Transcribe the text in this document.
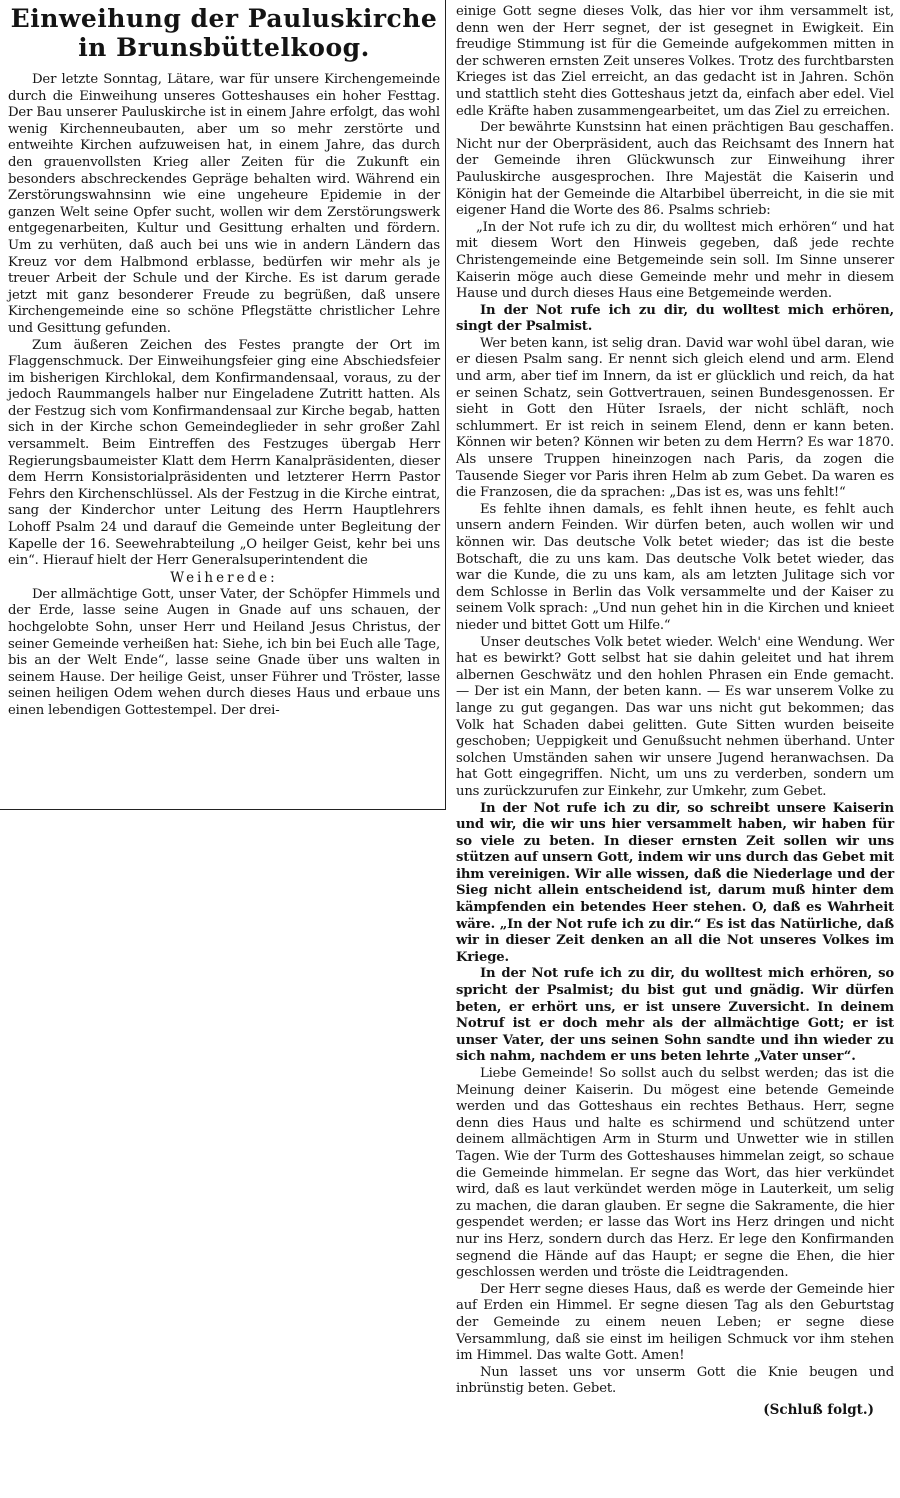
Einweihung der Pauluskirche
in Brunsbüttelkoog.

Der letzte Sonntag, Lätare, war für unsere Kirchengemeinde durch die Einweihung unseres Gotteshauses ein hoher Festtag. Der Bau unserer Pauluskirche ist in einem Jahre erfolgt, das wohl wenig Kirchenneubauten, aber um so mehr zerstörte und entweihte Kirchen aufzuweisen hat, in einem Jahre, das durch den grauenvollsten Krieg aller Zeiten für die Zukunft ein besonders abschreckendes Gepräge behalten wird. Während ein Zerstörungswahnsinn wie eine ungeheure Epidemie in der ganzen Welt seine Opfer sucht, wollen wir dem Zerstörungswerk entgegenarbeiten, Kultur und Gesittung erhalten und fördern. Um zu verhüten, daß auch bei uns wie in andern Ländern das Kreuz vor dem Halbmond erblasse, bedürfen wir mehr als je treuer Arbeit der Schule und der Kirche. Es ist darum gerade jetzt mit ganz besonderer Freude zu begrüßen, daß unsere Kirchengemeinde eine so schöne Pflegstätte christlicher Lehre und Gesittung gefunden.

Zum äußeren Zeichen des Festes prangte der Ort im Flaggenschmuck. Der Einweihungsfeier ging eine Abschiedsfeier im bisherigen Kirchlokal, dem Konfirmandensaal, voraus, zu der jedoch Raummangels halber nur Eingeladene Zutritt hatten. Als der Festzug sich vom Konfirmandensaal zur Kirche begab, hatten sich in der Kirche schon Gemeindeglieder in sehr großer Zahl versammelt. Beim Eintreffen des Festzuges übergab Herr Regierungsbaumeister Klatt dem Herrn Kanalpräsidenten, dieser dem Herrn Konsistorialpräsidenten und letzterer Herrn Pastor Fehrs den Kirchenschlüssel. Als der Festzug in die Kirche eintrat, sang der Kinderchor unter Leitung des Herrn Hauptlehrers Lohoff Psalm 24 und darauf die Gemeinde unter Begleitung der Kapelle der 16. Seewehrabteilung „O heilger Geist, kehr bei uns ein“. Hierauf hielt der Herr Generalsuperintendent die

Weiherede:

Der allmächtige Gott, unser Vater, der Schöpfer Himmels und der Erde, lasse seine Augen in Gnade auf uns schauen, der hochgelobte Sohn, unser Herr und Heiland Jesus Christus, der seiner Gemeinde verheißen hat: Siehe, ich bin bei Euch alle Tage, bis an der Welt Ende“, lasse seine Gnade über uns walten in seinem Hause. Der heilige Geist, unser Führer und Tröster, lasse seinen heiligen Odem wehen durch dieses Haus und erbaue uns einen lebendigen Gottestempel. Der drei-

einige Gott segne dieses Volk, das hier vor ihm versammelt ist, denn wen der Herr segnet, der ist gesegnet in Ewigkeit. Ein freudige Stimmung ist für die Gemeinde aufgekommen mitten in der schweren ernsten Zeit unseres Volkes. Trotz des furchtbarsten Krieges ist das Ziel erreicht, an das gedacht ist in Jahren. Schön und stattlich steht dies Gotteshaus jetzt da, einfach aber edel. Viel edle Kräfte haben zusammengearbeitet, um das Ziel zu erreichen.

Der bewährte Kunstsinn hat einen prächtigen Bau geschaffen. Nicht nur der Oberpräsident, auch das Reichsamt des Innern hat der Gemeinde ihren Glückwunsch zur Einweihung ihrer Pauluskirche ausgesprochen. Ihre Majestät die Kaiserin und Königin hat der Gemeinde die Altarbibel überreicht, in die sie mit eigener Hand die Worte des 86. Psalms schrieb:

„In der Not rufe ich zu dir, du wolltest mich erhören“ und hat mit diesem Wort den Hinweis gegeben, daß jede rechte Christengemeinde eine Betgemeinde sein soll. Im Sinne unserer Kaiserin möge auch diese Gemeinde mehr und mehr in diesem Hause und durch dieses Haus eine Betgemeinde werden.

In der Not rufe ich zu dir, du wolltest mich erhören, singt der Psalmist.

Wer beten kann, ist selig dran. David war wohl übel daran, wie er diesen Psalm sang. Er nennt sich gleich elend und arm. Elend und arm, aber tief im Innern, da ist er glücklich und reich, da hat er seinen Schatz, sein Gottvertrauen, seinen Bundesgenossen. Er sieht in Gott den Hüter Israels, der nicht schläft, noch schlummert. Er ist reich in seinem Elend, denn er kann beten. Können wir beten? Können wir beten zu dem Herrn? Es war 1870. Als unsere Truppen hineinzogen nach Paris, da zogen die Tausende Sieger vor Paris ihren Helm ab zum Gebet. Da waren es die Franzosen, die da sprachen: „Das ist es, was uns fehlt!“

Es fehlte ihnen damals, es fehlt ihnen heute, es fehlt auch unsern andern Feinden. Wir dürfen beten, auch wollen wir und können wir. Das deutsche Volk betet wieder; das ist die beste Botschaft, die zu uns kam. Das deutsche Volk betet wieder, das war die Kunde, die zu uns kam, als am letzten Julitage sich vor dem Schlosse in Berlin das Volk versammelte und der Kaiser zu seinem Volk sprach: „Und nun gehet hin in die Kirchen und knieet nieder und bittet Gott um Hilfe.“

Unser deutsches Volk betet wieder. Welch' eine Wendung. Wer hat es bewirkt? Gott selbst hat sie dahin geleitet und hat ihrem albernen Geschwätz und den hohlen Phrasen ein Ende gemacht. — Der ist ein Mann, der beten kann. — Es war unserem Volke zu lange zu gut gegangen. Das war uns nicht gut bekommen; das Volk hat Schaden dabei gelitten. Gute Sitten wurden beiseite geschoben; Ueppigkeit und Genußsucht nehmen überhand. Unter solchen Umständen sahen wir unsere Jugend heranwachsen. Da hat Gott eingegriffen. Nicht, um uns zu verderben, sondern um uns zurückzurufen zur Einkehr, zur Umkehr, zum Gebet.

In der Not rufe ich zu dir, so schreibt unsere Kaiserin und wir, die wir uns hier versammelt haben, wir haben für so viele zu beten. In dieser ernsten Zeit sollen wir uns stützen auf unsern Gott, indem wir uns durch das Gebet mit ihm vereinigen. Wir alle wissen, daß die Niederlage und der Sieg nicht allein entscheidend ist, darum muß hinter dem kämpfenden ein betendes Heer stehen. O, daß es Wahrheit wäre. „In der Not rufe ich zu dir.“ Es ist das Natürliche, daß wir in dieser Zeit denken an all die Not unseres Volkes im Kriege.

In der Not rufe ich zu dir, du wolltest mich erhören, so spricht der Psalmist; du bist gut und gnädig. Wir dürfen beten, er erhört uns, er ist unsere Zuversicht. In deinem Notruf ist er doch mehr als der allmächtige Gott; er ist unser Vater, der uns seinen Sohn sandte und ihn wieder zu sich nahm, nachdem er uns beten lehrte „Vater unser“.

Liebe Gemeinde! So sollst auch du selbst werden; das ist die Meinung deiner Kaiserin. Du mögest eine betende Gemeinde werden und das Gotteshaus ein rechtes Bethaus. Herr, segne denn dies Haus und halte es schirmend und schützend unter deinem allmächtigen Arm in Sturm und Unwetter wie in stillen Tagen. Wie der Turm des Gotteshauses himmelan zeigt, so schaue die Gemeinde himmelan. Er segne das Wort, das hier verkündet wird, daß es laut verkündet werden möge in Lauterkeit, um selig zu machen, die daran glauben. Er segne die Sakramente, die hier gespendet werden; er lasse das Wort ins Herz dringen und nicht nur ins Herz, sondern durch das Herz. Er lege den Konfirmanden segnend die Hände auf das Haupt; er segne die Ehen, die hier geschlossen werden und tröste die Leidtragenden.

Der Herr segne dieses Haus, daß es werde der Gemeinde hier auf Erden ein Himmel. Er segne diesen Tag als den Geburtstag der Gemeinde zu einem neuen Leben; er segne diese Versammlung, daß sie einst im heiligen Schmuck vor ihm stehen im Himmel. Das walte Gott. Amen!

Nun lasset uns vor unserm Gott die Knie beugen und inbrünstig beten. Gebet.

(Schluß folgt.)
